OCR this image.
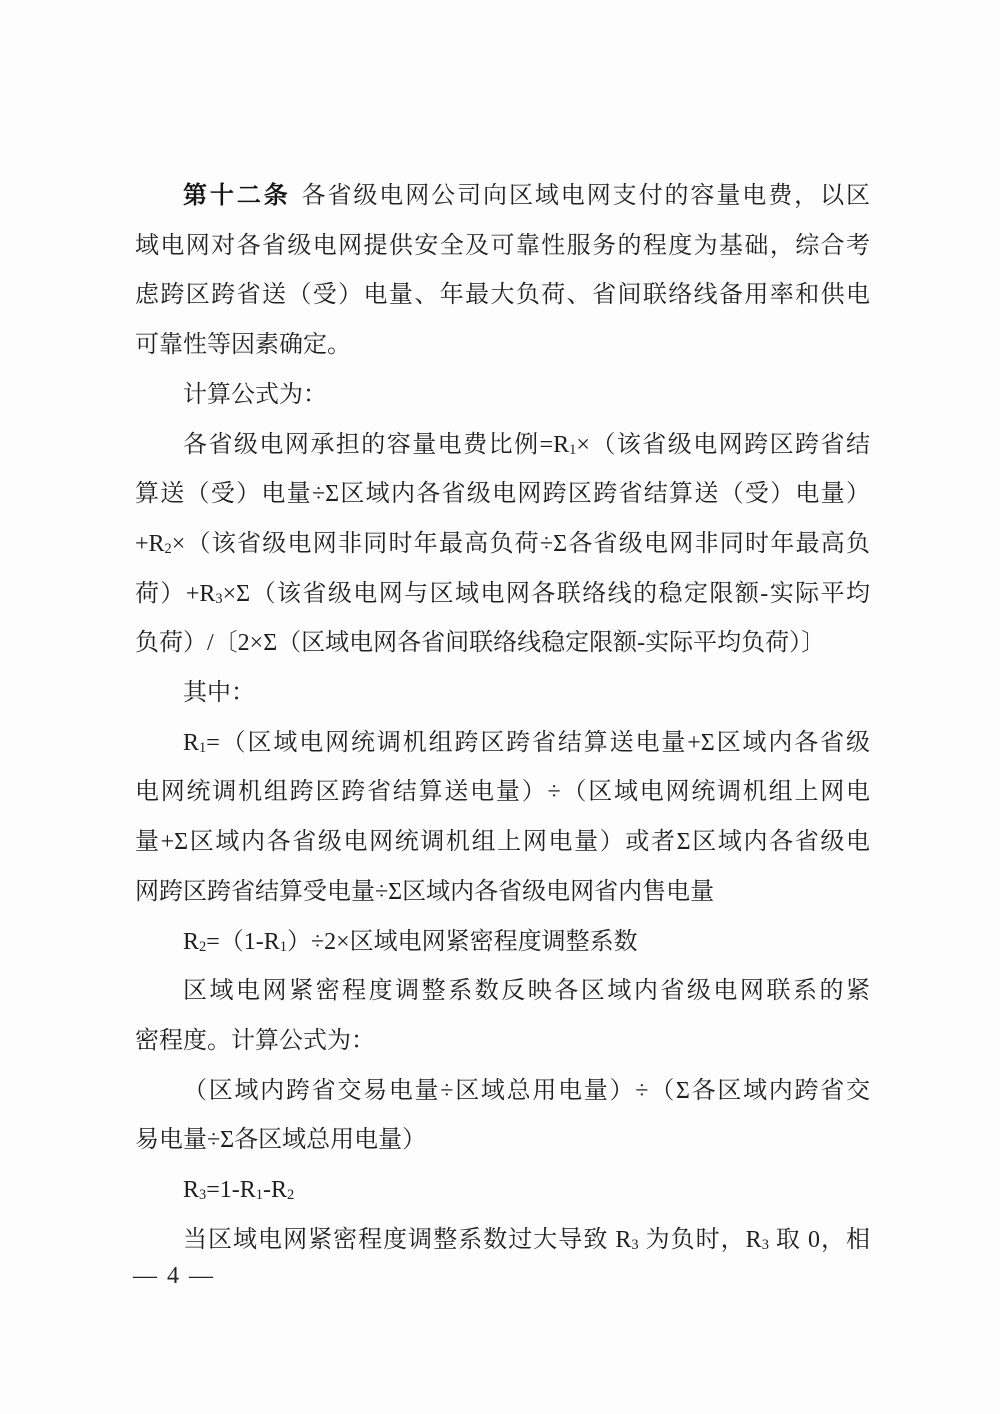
第十二条 各省级电网公司向区域电网支付的容量电费，以区
域电网对各省级电网提供安全及可靠性服务的程度为基础，综合考
虑跨区跨省送（受）电量、年最大负荷、省间联络线备用率和供电
可靠性等因素确定。
计算公式为：
各省级电网承担的容量电费比例$=R_1\times$（该省级电网跨区跨省结
算送（受）电量÷Σ区域内各省级电网跨区跨省结算送（受）电量）
$+R_2\times$（该省级电网非同时年最高负荷÷Σ各省级电网非同时年最高负
荷）$+R_3\times\Sigma$（该省级电网与区域电网各联络线的稳定限额-实际平均
负荷）/〔2×Σ（区域电网各省间联络线稳定限额-实际平均负荷）〕
其中：
$R_1=$（区域电网统调机组跨区跨省结算送电量+Σ区域内各省级
电网统调机组跨区跨省结算送电量）÷（区域电网统调机组上网电
量+Σ区域内各省级电网统调机组上网电量）或者Σ区域内各省级电
网跨区跨省结算受电量÷Σ区域内各省级电网省内售电量
$R_2=(1-R_1)\div 2\times$区域电网紧密程度调整系数
区域电网紧密程度调整系数反映各区域内省级电网联系的紧
密程度。计算公式为：
（区域内跨省交易电量÷区域总用电量）÷（Σ各区域内跨省交
易电量÷Σ各区域总用电量）
$R_3=1-R_1-R_2$
当区域电网紧密程度调整系数过大导致 $R_3$ 为负时，$R_3$ 取 0，相
— 4 —
